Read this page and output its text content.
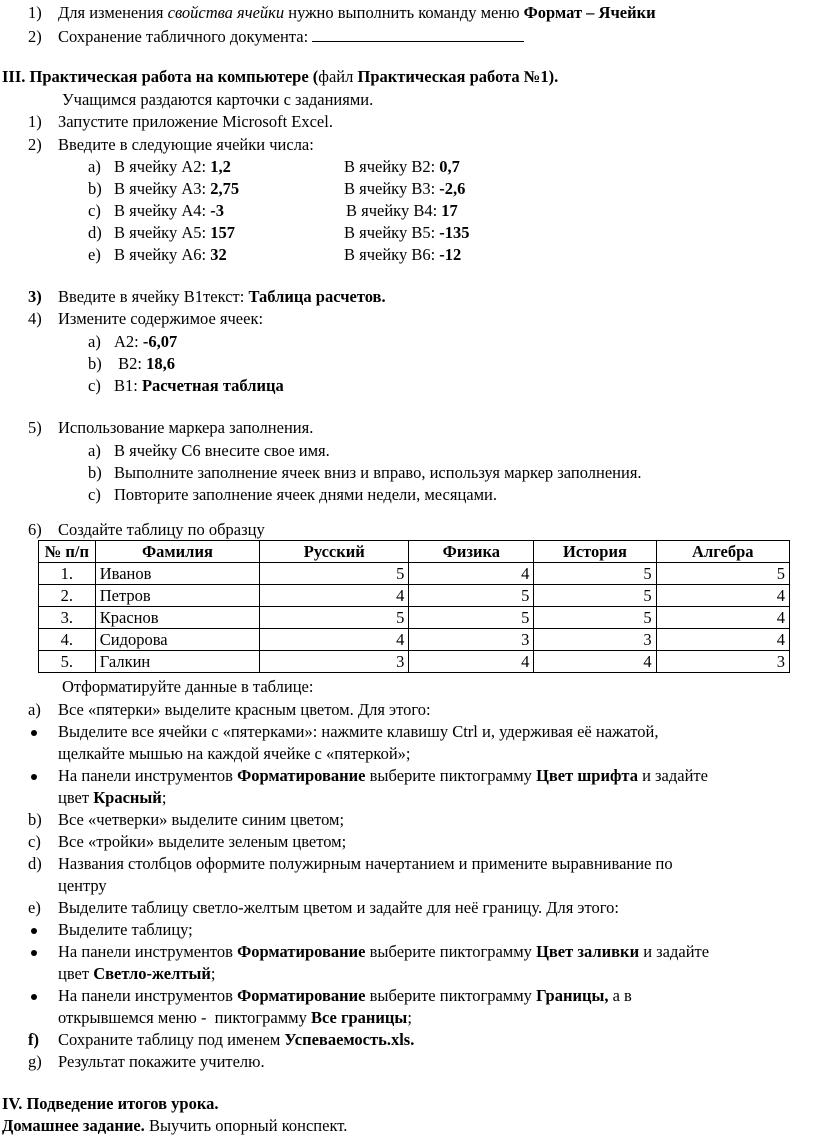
1) Для изменения свойства ячейки нужно выполнить команду меню Формат – Ячейки
2) Сохранение табличного документа:
III. Практическая работа на компьютере (файл Практическая работа №1).
Учащимся раздаются карточки с заданиями.
1) Запустите приложение Microsoft Excel.
2) Введите в следующие ячейки числа:
a) В ячейку A2: 1,2	В ячейку B2: 0,7
b) В ячейку A3: 2,75	В ячейку B3: -2,6
c) В ячейку A4: -3	В ячейку B4: 17
d) В ячейку A5: 157	В ячейку B5: -135
e) В ячейку A6: 32	В ячейку B6: -12
3) Введите в ячейку B1текст: Таблица расчетов.
4) Измените содержимое ячеек:
a) A2: -6,07
b) B2: 18,6
c) B1: Расчетная таблица
5) Использование маркера заполнения.
a) В ячейку C6 внесите свое имя.
b) Выполните заполнение ячеек вниз и вправо, используя маркер заполнения.
c) Повторите заполнение ячеек днями недели, месяцами.
6) Создайте таблицу по образцу
№ п/п	Фамилия	Русский	Физика	История	Алгебра
1.	Иванов	5	4	5	5
2.	Петров	4	5	5	4
3.	Краснов	5	5	5	4
4.	Сидорова	4	3	3	4
5.	Галкин	3	4	4	3
Отформатируйте данные в таблице:
a) Все «пятерки» выделите красным цветом. Для этого:
Выделите все ячейки с «пятерками»: нажмите клавишу Ctrl и, удерживая её нажатой,
щелкайте мышью на каждой ячейке с «пятеркой»;
На панели инструментов Форматирование выберите пиктограмму Цвет шрифта и задайте
цвет Красный;
b) Все «четверки» выделите синим цветом;
c) Все «тройки» выделите зеленым цветом;
d) Названия столбцов оформите полужирным начертанием и примените выравнивание по
центру
e) Выделите таблицу светло-желтым цветом и задайте для неё границу. Для этого:
Выделите таблицу;
На панели инструментов Форматирование выберите пиктограмму Цвет заливки и задайте
цвет Светло-желтый;
На панели инструментов Форматирование выберите пиктограмму Границы, а в
открывшемся меню -  пиктограмму Все границы;
f) Сохраните таблицу под именем Успеваемость.xls.
g) Результат покажите учителю.
IV. Подведение итогов урока.
Домашнее задание. Выучить опорный конспект.
